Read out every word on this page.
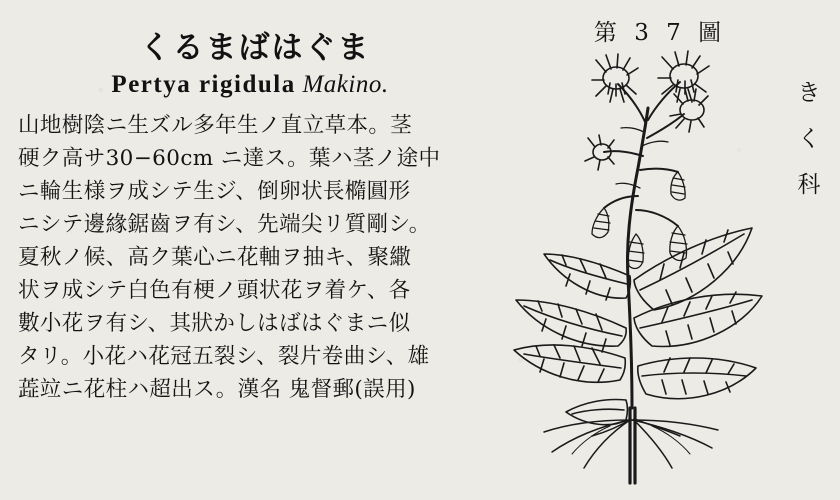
くるまばはぐま
Pertya rigidula Makino.
山地樹陰ニ生ズル多年生ノ直立草本。茎
硬ク高サ30−60cm ニ達ス。葉ハ茎ノ途中
ニ輪生様ヲ成シテ生ジ、倒卵状長橢圓形
ニシテ邊緣鋸齒ヲ有シ、先端尖リ質剛シ。
夏秋ノ候、高ク葉心ニ花軸ヲ抽キ、聚繖
状ヲ成シテ白色有梗ノ頭状花ヲ着ケ、各
數小花ヲ有シ、其狀かしはばはぐまニ似
タリ。小花ハ花冠五裂シ、裂片卷曲シ、雄
蕋竝ニ花柱ハ超出ス。漢名 鬼督郵(誤用)
第 3 7 圖
きく科
